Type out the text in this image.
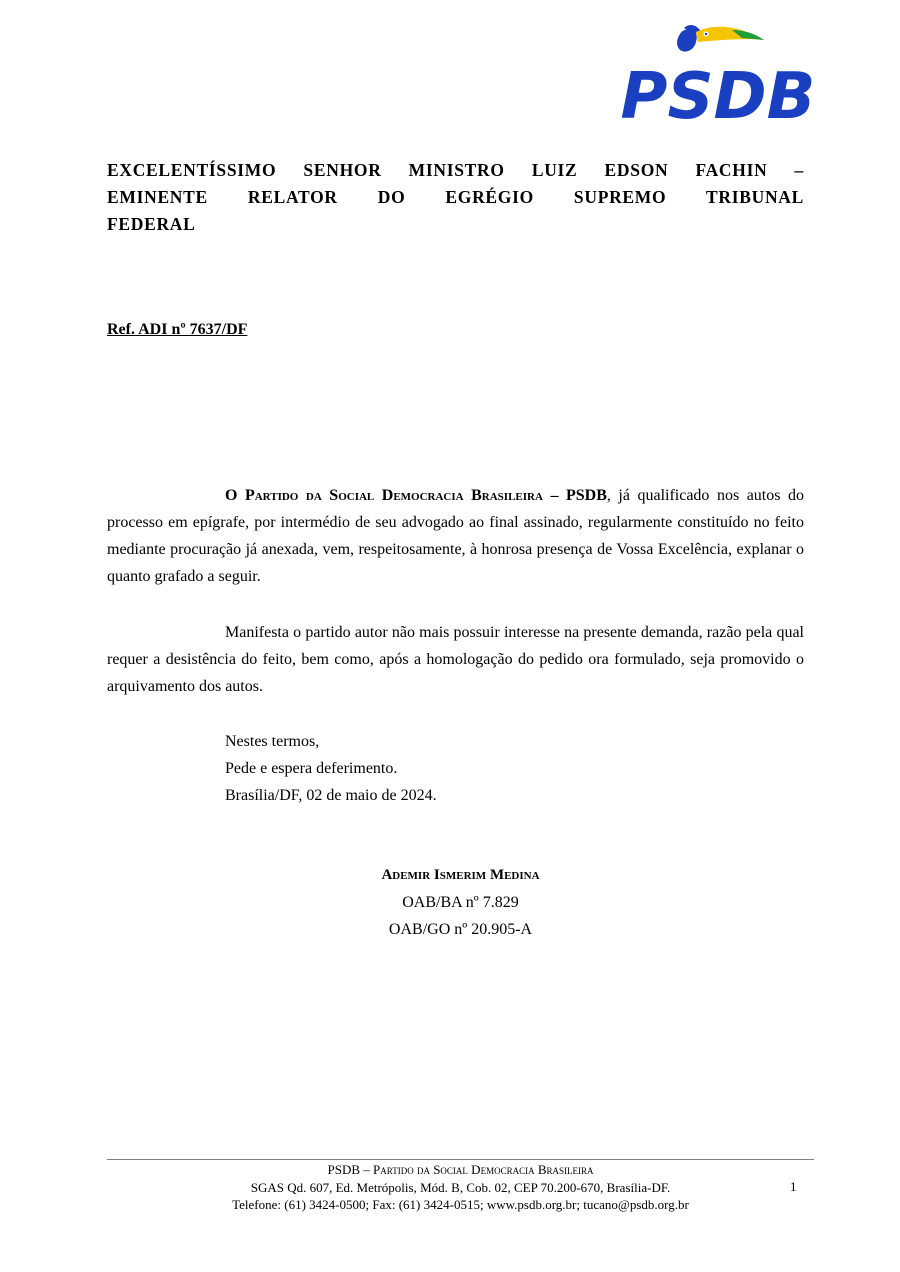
PSDB
EXCELENTÍSSIMO SENHOR MINISTRO LUIZ EDSON FACHIN –
EMINENTE RELATOR DO EGRÉGIO SUPREMO TRIBUNAL
FEDERAL
Ref. ADI nº 7637/DF

O Partido da Social Democracia Brasileira – PSDB, já qualificado nos autos do processo em epígrafe, por intermédio de seu advogado ao final assinado, regularmente constituído no feito mediante procuração já anexada, vem, respeitosamente, à honrosa presença de Vossa Excelência, explanar o quanto grafado a seguir.

Manifesta o partido autor não mais possuir interesse na presente demanda, razão pela qual requer a desistência do feito, bem como, após a homologação do pedido ora formulado, seja promovido o arquivamento dos autos.

Nestes termos,
Pede e espera deferimento.
Brasília/DF, 02 de maio de 2024.
Ademir Ismerim Medina
OAB/BA nº 7.829
OAB/GO nº 20.905-A
PSDB – Partido da Social Democracia Brasileira
SGAS Qd. 607, Ed. Metrópolis, Mód. B, Cob. 02, CEP 70.200-670, Brasília-DF.
Telefone: (61) 3424-0500; Fax: (61) 3424-0515; www.psdb.org.br; tucano@psdb.org.br
1
